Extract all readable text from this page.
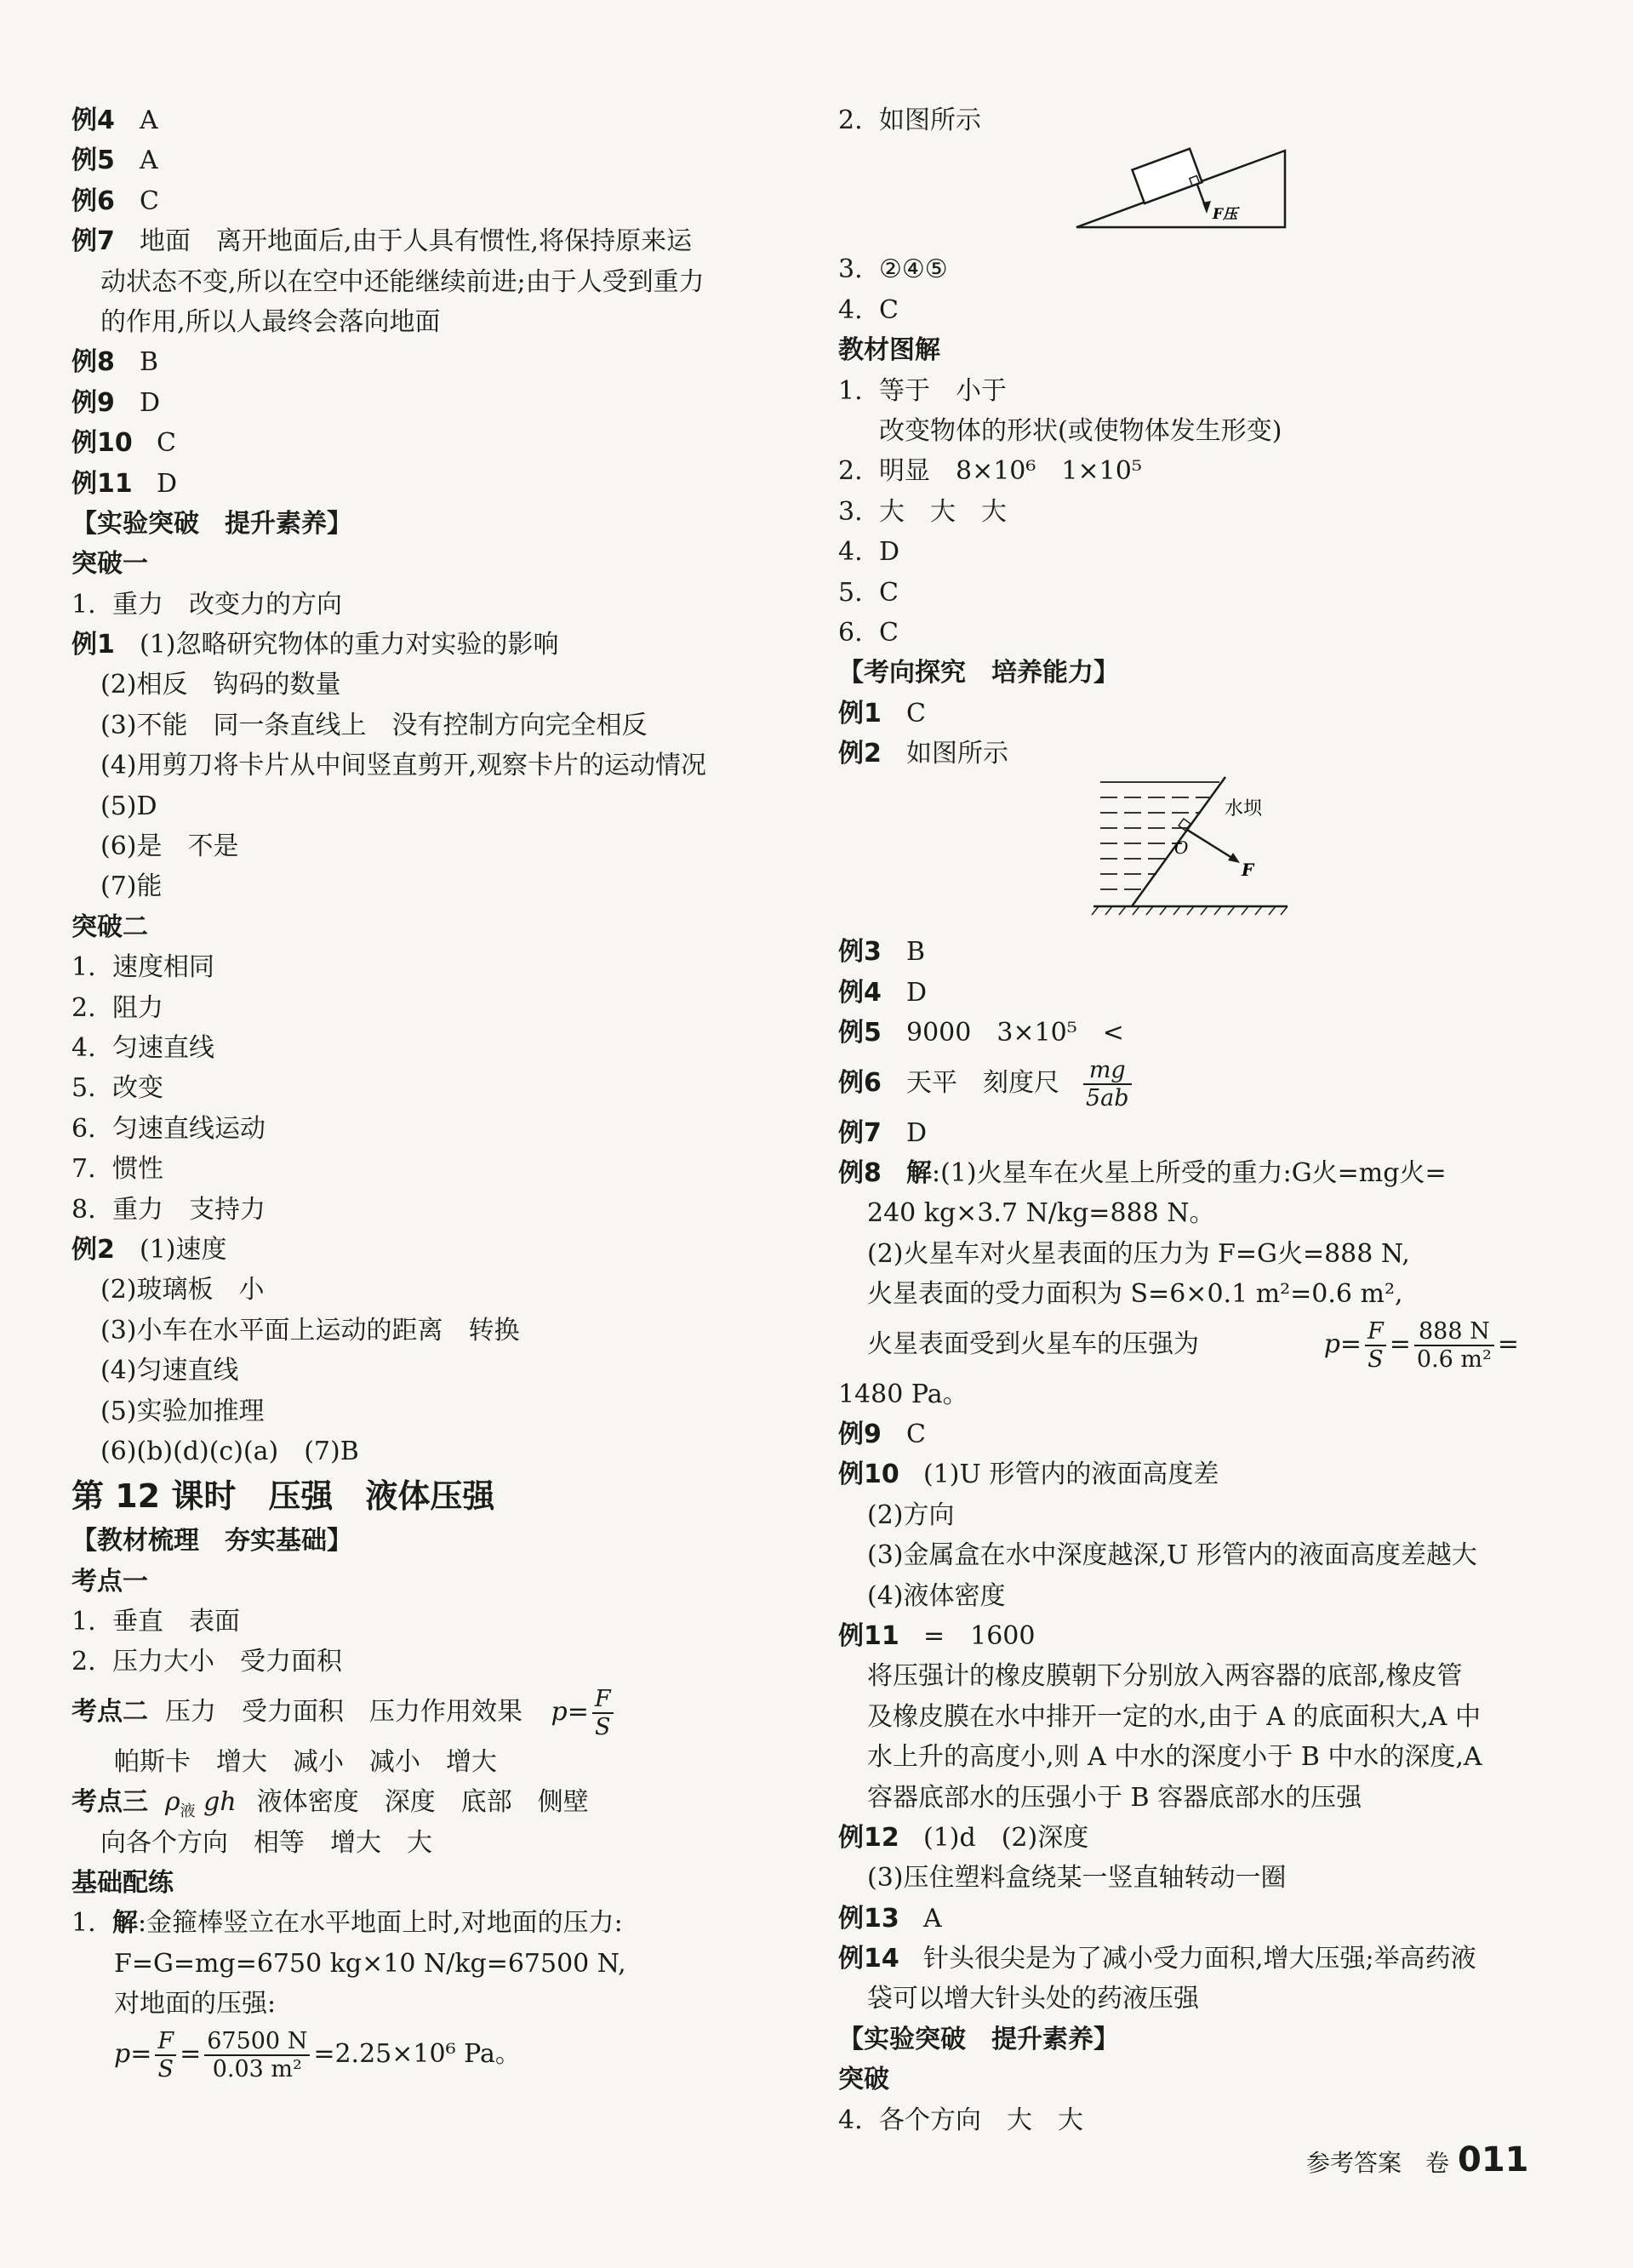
例4 A
例5 A
例6 C
例7 地面　离开地面后,由于人具有惯性,将保持原来运
动状态不变,所以在空中还能继续前进;由于人受到重力
的作用,所以人最终会落向地面
例8 B
例9 D
例10 C
例11 D
【实验突破　提升素养】
突破一
1. 重力　改变力的方向
例1 (1)忽略研究物体的重力对实验的影响
(2)相反　钩码的数量
(3)不能　同一条直线上　没有控制方向完全相反
(4)用剪刀将卡片从中间竖直剪开,观察卡片的运动情况
(5)D
(6)是　不是
(7)能
突破二
1. 速度相同
2. 阻力
4. 匀速直线
5. 改变
6. 匀速直线运动
7. 惯性
8. 重力　支持力
例2 (1)速度
(2)玻璃板　小
(3)小车在水平面上运动的距离　转换
(4)匀速直线
(5)实验加推理
(6)(b)(d)(c)(a)　(7)B
第 12 课时　压强　液体压强
【教材梳理　夯实基础】
考点一
1. 垂直　表面
2. 压力大小　受力面积
考点二 压力　受力面积　压力作用效果 $p= \frac{F}{S}$
帕斯卡　增大　减小　减小　增大
考点三 $\rho_液$ gh 液体密度　深度　底部　侧壁
向各个方向　相等　增大　大
基础配练
1. 解:金箍棒竖立在水平地面上时,对地面的压力:
F=G=mg=6750 kg×10 N/kg=67500 N,
对地面的压强:
$p= \frac{F}{S} = \frac{67500 N}{\text{0.03 m²}} =2.25\times 10^6$ Pa。
2. 如图所示
F压
3. ②④⑤
4. C
教材图解
1. 等于　小于
改变物体的形状(或使物体发生形变)
2. 明显　8×10⁶　1×10⁵
3. 大　大　大
4. D
5. C
6. C
【考向探究　培养能力】
例1 C
例2 如图所示
O
F
水坝
例3 B
例4 D
例5 9000　3×10⁵　<
例6 天平　刻度尺 $\frac{mg}{5ab}$
例7 D
例8 解:(1)火星车在火星上所受的重力:G火=mg火=
240 kg×3.7 N/kg=888 N。
(2)火星车对火星表面的压力为 F=G火=888 N,
火星表面的受力面积为 S=6×0.1 m²=0.6 m²,
火星表面受到火星车的压强为	$p= \frac{F}{S} = \frac{888 N}{\text{0.6 m²}}$ =
1480 Pa。
例9 C
例10 (1)U 形管内的液面高度差
(2)方向
(3)金属盒在水中深度越深,U 形管内的液面高度差越大
(4)液体密度
例11 =　1600
将压强计的橡皮膜朝下分别放入两容器的底部,橡皮管
及橡皮膜在水中排开一定的水,由于 A 的底面积大,A 中
水上升的高度小,则 A 中水的深度小于 B 中水的深度,A
容器底部水的压强小于 B 容器底部水的压强
例12 (1)d　(2)深度
(3)压住塑料盒绕某一竖直轴转动一圈
例13 A
例14 针头很尖是为了减小受力面积,增大压强;举高药液
袋可以增大针头处的药液压强
【实验突破　提升素养】
突破
4. 各个方向　大　大
参考答案　卷 011
